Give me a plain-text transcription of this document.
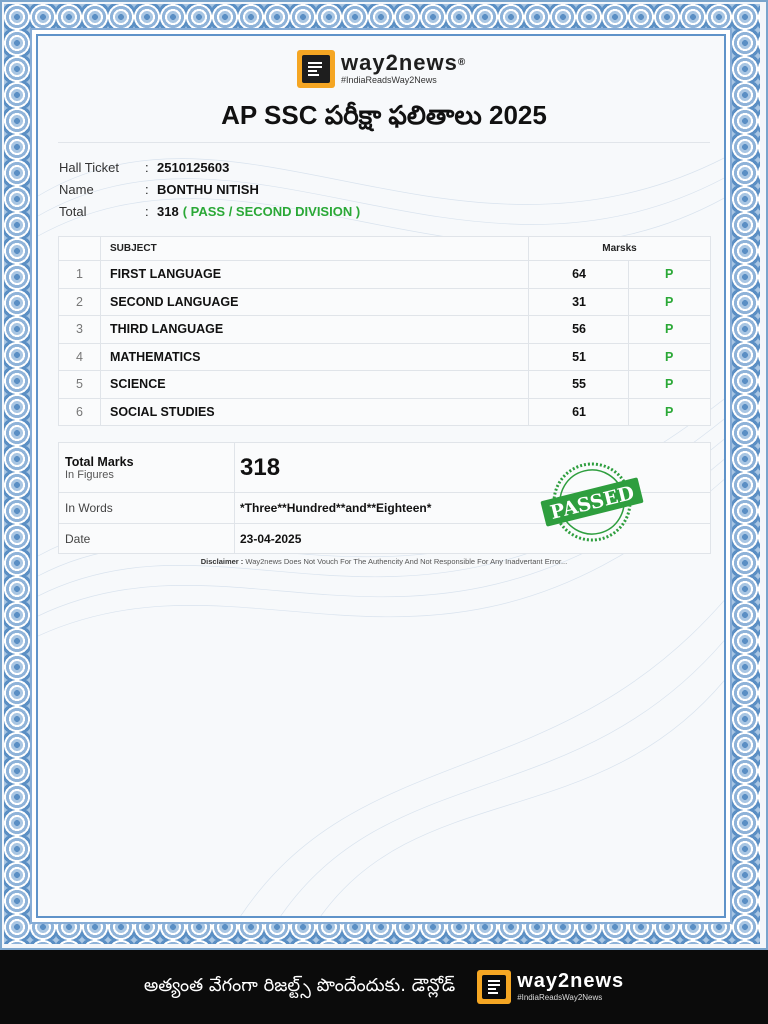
way2news®
#IndiaReadsWay2News
AP SSC పరీక్షా ఫలితాలు 2025
Hall Ticket	: 2510125603
Name	: BONTHU NITISH
Total	: 318 ( PASS / SECOND DIVISION )
	SUBJECT	Marsks	
1	FIRST LANGUAGE	64	P
2	SECOND LANGUAGE	31	P
3	THIRD LANGUAGE	56	P
4	MATHEMATICS	51	P
5	SCIENCE	55	P
6	SOCIAL STUDIES	61	P
Total Marks
In Figures	318
In Words	*Three**Hundred**and**Eighteen*
Date	23-04-2025
PASSED
Disclaimer : Way2news Does Not Vouch For The Authencity And Not Responsible For Any Inadvertant Error...
అత్యంత వేగంగా రిజల్ట్స్ పొందేందుకు. డౌన్లోడ్	way2news
#IndiaReadsWay2News
